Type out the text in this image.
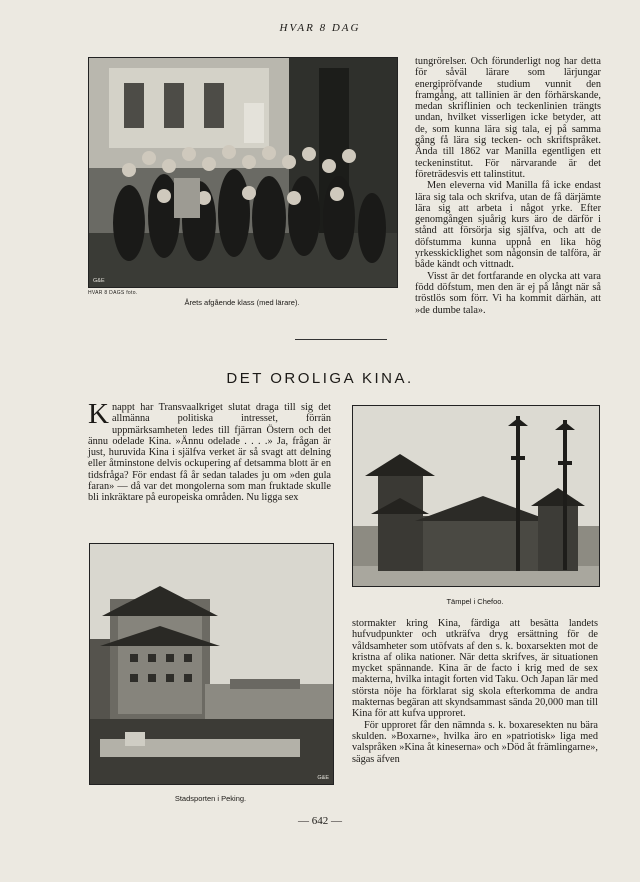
HVAR 8 DAG
G&E
HVAR 8 DAGS foto.
Årets afgående klass (med lärare).

tungrörelser. Och förunderligt nog har detta för såväl lärare som lärjungar energipröfvande studium vunnit den framgång, att tallinien är den förhärskande, medan skriflinien och teckenlinien trängts undan, hvilket visserligen icke betyder, att de, som kunna lära sig tala, ej på samma gång få lära sig tecken- och skriftspråket. Ända till 1862 var Manilla egentligen ett teckeninstitut. För närvarande är det företrädesvis ett talinstitut.

Men eleverna vid Manilla få icke endast lära sig tala och skrifva, utan de få därjämte lära sig att arbeta i något yrke. Efter genomgången sjuårig kurs äro de därför i stånd att försörja sig själfva, och att de döfstumma kunna uppnå en lika hög yrkesskicklighet som någonsin de talföra, är både kändt och vittnadt.

Visst är det fortfarande en olycka att vara född döfstum, men den är ej på långt när så tröstlös som förr. Vi ha kommit därhän, att »de dumbe tala».

DET OROLIGA KINA.

Knappt har Transvaalkriget slutat draga till sig det allmänna politiska intresset, förrän uppmärksamheten ledes till fjärran Östern och det ännu odelade Kina. »Ännu odelade . . . .» Ja, frågan är just, huruvida Kina i själfva verket är så svagt att delning eller åtminstone delvis ockupering af detsamma blott är en tidsfråga? För endast få år sedan talades ju om »den gula faran» — då var det mongolerna som man fruktade skulle bli inkräktare på europeiska områden. Nu ligga sex

Tämpel i Chefoo.
G&E
Stadsporten i Peking.

stormakter kring Kina, färdiga att besätta landets hufvudpunkter och utkräfva dryg ersättning för de våldsamheter som utöfvats af den s. k. boxarsekten mot de kristna af olika nationer. När detta skrifves, är situationen mycket spännande. Kina är de facto i krig med de sex makterna, hvilka intagit forten vid Taku. Och Japan lär med största nöje ha förklarat sig skola efterkomma de andra makternas begäran att skyndsammast sända 20,000 man till Kina för att kufva upproret.

För upproret får den nämnda s. k. boxaresekten nu bära skulden. »Boxarne», hvilka äro en »patriotisk» liga med valspråken »Kina åt kineserna» och »Död åt främlingarne», sägas äfven

— 642 —
